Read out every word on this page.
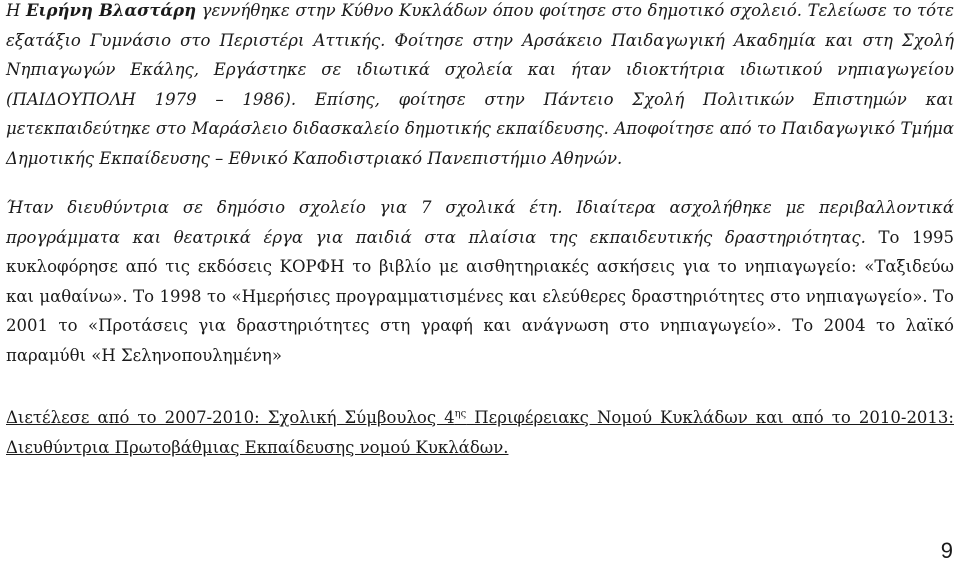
Η Ειρήνη Βλαστάρη γεννήθηκε στην Κύθνο Κυκλάδων όπου φοίτησε στο δημοτικό σχολειό. Τελείωσε το τότε εξατάξιο Γυμνάσιο στο Περιστέρι Αττικής. Φοίτησε στην Αρσάκειο Παιδαγωγική Ακαδημία και στη Σχολή Νηπιαγωγών Εκάλης, Εργάστηκε σε ιδιωτικά σχολεία και ήταν ιδιοκτήτρια ιδιωτικού νηπιαγωγείου (ΠΑΙΔΟΥΠΟΛΗ 1979 – 1986). Επίσης, φοίτησε στην Πάντειο Σχολή Πολιτικών Επιστημών και μετεκπαιδεύτηκε στο Μαράσλειο διδασκαλείο δημοτικής εκπαίδευσης. Αποφοίτησε από το Παιδαγωγικό Τμήμα Δημοτικής Εκπαίδευσης – Εθνικό Καποδιστριακό Πανεπιστήμιο Αθηνών.

Ήταν διευθύντρια σε δημόσιο σχολείο για 7 σχολικά έτη. Ιδιαίτερα ασχολήθηκε με περιβαλλοντικά προγράμματα και θεατρικά έργα για παιδιά στα πλαίσια της εκπαιδευτικής δραστηριότητας. Το 1995 κυκλοφόρησε από τις εκδόσεις ΚΟΡΦΗ το βιβλίο με αισθητηριακές ασκήσεις για το νηπιαγωγείο: «Ταξιδεύω και μαθαίνω». Το 1998 το «Ημερήσιες προγραμματισμένες και ελεύθερες δραστηριότητες στο νηπιαγωγείο». Το 2001 το «Προτάσεις για δραστηριότητες στη γραφή και ανάγνωση στο νηπιαγωγείο». Το 2004 το λαϊκό παραμύθι «Η Σεληνοπουλημένη»

Διετέλεσε από το 2007-2010: Σχολική Σύμβουλος $4^{\eta\varsigma}$ Περιφέρειακς Νομού Κυκλάδων και από το 2010-2013: Διευθύντρια Πρωτοβάθμιας Εκπαίδευσης νομού Κυκλάδων.

9
